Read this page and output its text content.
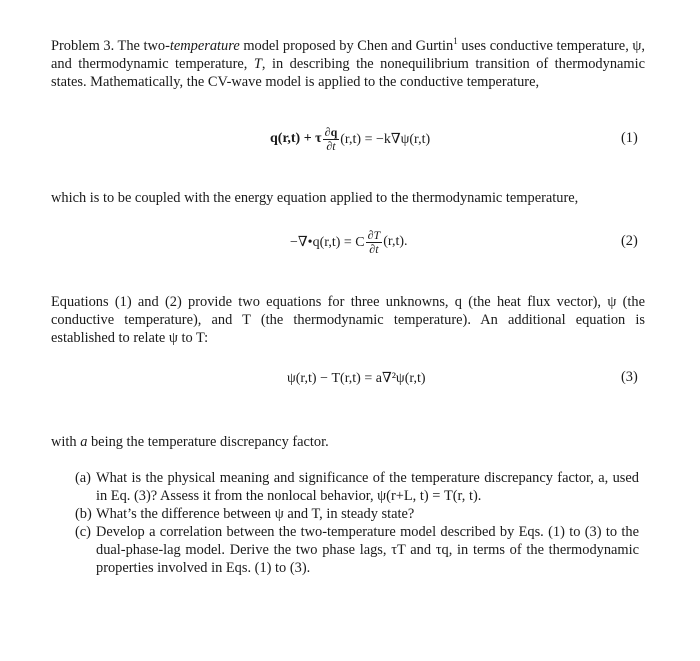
Problem 3. The two-temperature model proposed by Chen and Gurtin$^1$ uses conductive temperature, ψ, and thermodynamic temperature, T, in describing the nonequilibrium transition of thermodynamic states. Mathematically, the CV-wave model is applied to the conductive temperature,
q(r,t) + τ $\frac{\partial q}{\partial t} (r,t) = -k\nabla\psi(r,t)$	(1)
which is to be coupled with the energy equation applied to the thermodynamic temperature,
−∇•q(r,t) = C $\frac{\partial T}{\partial t} (r,t)$.	(2)
Equations (1) and (2) provide two equations for three unknowns, q (the heat flux vector), ψ (the conductive temperature), and T (the thermodynamic temperature). An additional equation is established to relate ψ to T:
ψ(r,t) − T(r,t) = a∇²ψ(r,t)	(3)
with a being the temperature discrepancy factor.
(a) What is the physical meaning and significance of the temperature discrepancy factor, a, used in Eq. (3)? Assess it from the nonlocal behavior, ψ(r+L, t) = T(r, t).
(b) What’s the difference between ψ and T, in steady state?
(c) Develop a correlation between the two-temperature model described by Eqs. (1) to (3) to the dual-phase-lag model. Derive the two phase lags, τT and τq, in terms of the thermodynamic properties involved in Eqs. (1) to (3).
